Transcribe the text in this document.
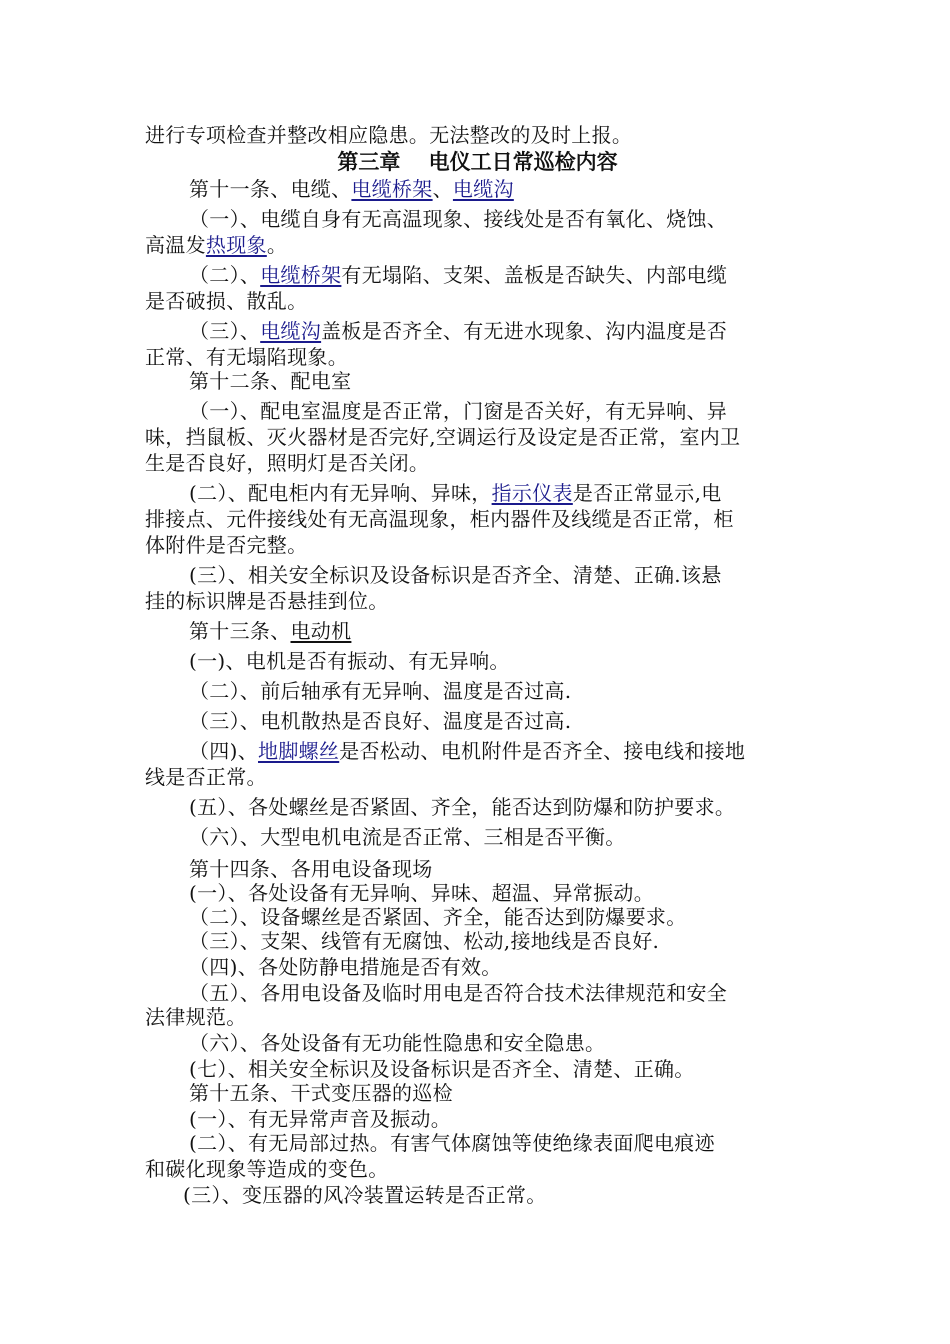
第三章　 电仪工日常巡检内容
进行专项检查并整改相应隐患。无法整改的及时上报。
第十一条、电缆、电缆桥架、电缆沟
（一）、电缆自身有无高温现象、接线处是否有氧化、烧蚀、
高温发热现象。
（二）、电缆桥架有无塌陷、支架、盖板是否缺失、内部电缆
是否破损、散乱。
（三）、电缆沟盖板是否齐全、有无进水现象、沟内温度是否
正常、有无塌陷现象。
第十二条、配电室
（一）、配电室温度是否正常，门窗是否关好，有无异响、异
味，挡鼠板、灭火器材是否完好,空调运行及设定是否正常，室内卫
生是否良好，照明灯是否关闭。
(二）、配电柜内有无异响、异味，指示仪表是否正常显示,电
排接点、元件接线处有无高温现象，柜内器件及线缆是否正常，柜
体附件是否完整。
(三）、相关安全标识及设备标识是否齐全、清楚、正确.该悬
挂的标识牌是否悬挂到位。
第十三条、电动机
(一)、电机是否有振动、有无异响。
（二）、前后轴承有无异响、温度是否过高.
（三）、电机散热是否良好、温度是否过高.
（四)、地脚螺丝是否松动、电机附件是否齐全、接电线和接地
线是否正常。
(五）、各处螺丝是否紧固、齐全，能否达到防爆和防护要求。
（六）、大型电机电流是否正常、三相是否平衡。
第十四条、各用电设备现场
(一）、各处设备有无异响、异味、超温、异常振动。
（二）、设备螺丝是否紧固、齐全，能否达到防爆要求。
（三）、支架、线管有无腐蚀、松动,接地线是否良好.
（四)、各处防静电措施是否有效。
（五）、各用电设备及临时用电是否符合技术法律规范和安全
法律规范。
（六）、各处设备有无功能性隐患和安全隐患。
(七）、相关安全标识及设备标识是否齐全、清楚、正确。
第十五条、干式变压器的巡检
(一）、有无异常声音及振动。
(二）、有无局部过热。有害气体腐蚀等使绝缘表面爬电痕迹
和碳化现象等造成的变色。
(三）、变压器的风冷装置运转是否正常。
